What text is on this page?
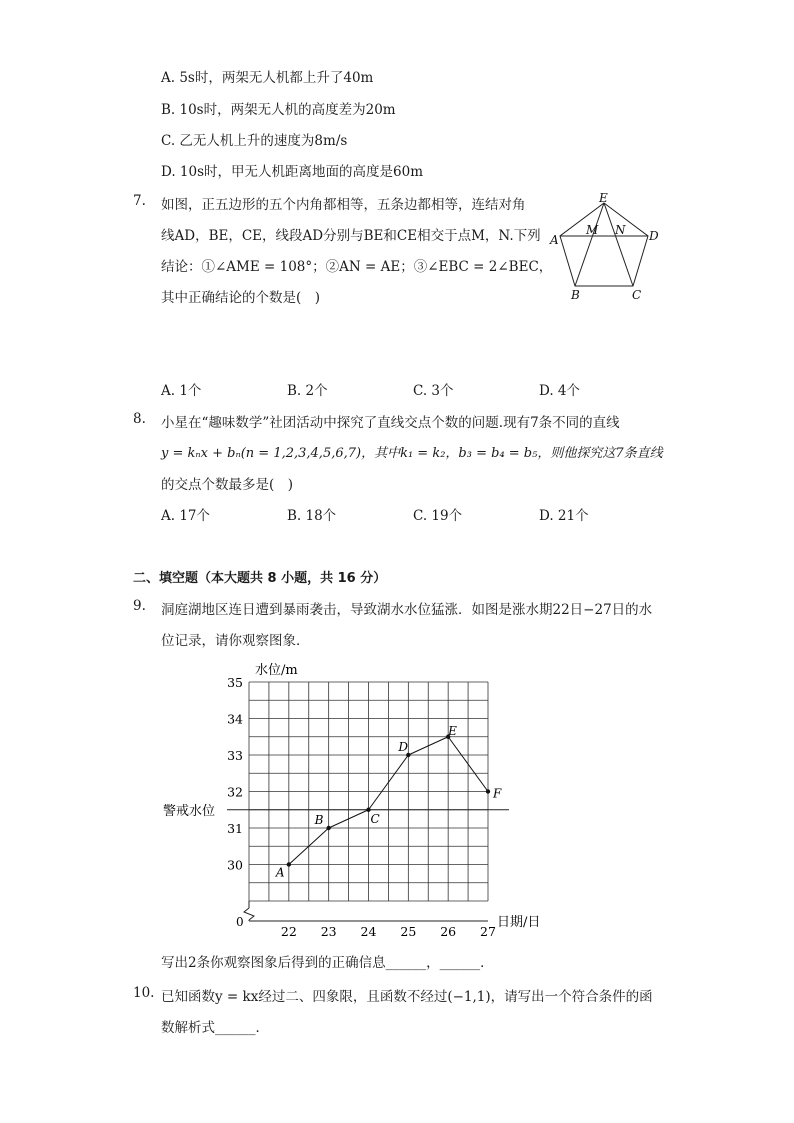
A. 5s时，两架无人机都上升了40m
B. 10s时，两架无人机的高度差为20m
C. 乙无人机上升的速度为8m/s
D. 10s时，甲无人机距离地面的高度是60m
7. 如图，正五边形的五个内角都相等，五条边都相等，连结对角
线AD，BE，CE，线段AD分别与BE和CE相交于点M，N.下列
结论：①∠AME = 108°；②AN = AE；③∠EBC = 2∠BEC，
其中正确结论的个数是(　)
E
A
M N D
B	C
A. 1个	B. 2个	C. 3个	D. 4个
8. 小星在“趣味数学”社团活动中探究了直线交点个数的问题.现有7条不同的直线
y = kₙx + bₙ(n = 1,2,3,4,5,6,7)，其中k₁ = k₂，b₃ = b₄ = b₅，则他探究这7条直线
的交点个数最多是(　)
A. 17个	B. 18个	C. 19个	D. 21个
二、填空题（本大题共 8 小题，共 16 分）
9. 洞庭湖地区连日遭到暴雨袭击，导致湖水水位猛涨．如图是涨水期22日−27日的水
位记录，请你观察图象．
30
31
32
33
34
35
22 23 24 25 26 27
A
B	C
D
E
F
水位/m
日期/日
0
警戒水位
写出2条你观察图象后得到的正确信息______，______．
10. 已知函数y = kx经过二、四象限，且函数不经过(−1,1)，请写出一个符合条件的函
数解析式______．
